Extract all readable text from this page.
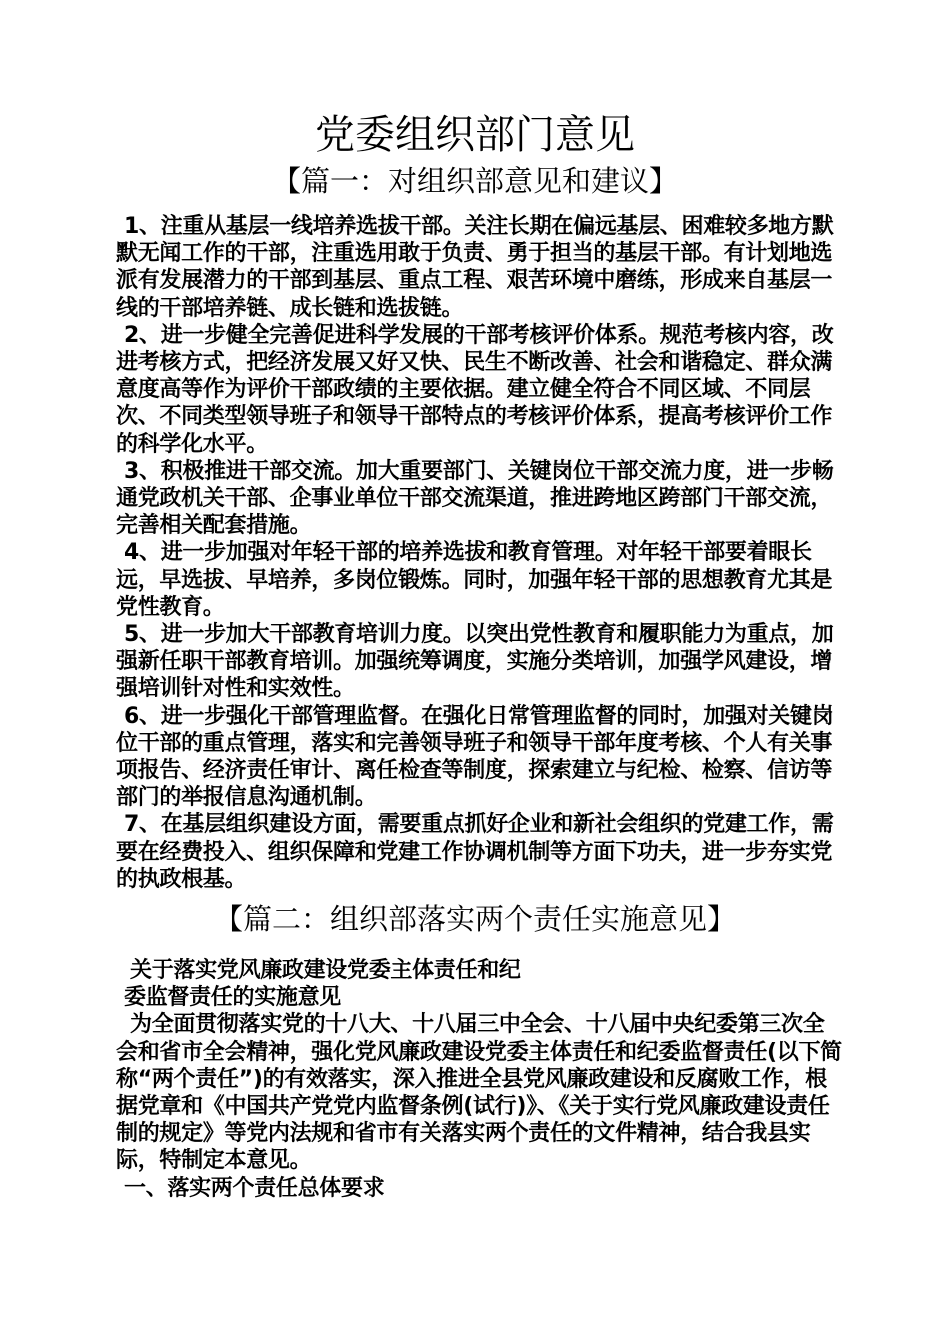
党委组织部门意见
【篇一：对组织部意见和建议】

1、注重从基层一线培养选拔干部。关注长期在偏远基层、困难较多地方默默无闻工作的干部，注重选用敢于负责、勇于担当的基层干部。有计划地选派有发展潜力的干部到基层、重点工程、艰苦环境中磨练，形成来自基层一线的干部培养链、成长链和选拔链。

2、进一步健全完善促进科学发展的干部考核评价体系。规范考核内容，改进考核方式，把经济发展又好又快、民生不断改善、社会和谐稳定、群众满意度高等作为评价干部政绩的主要依据。建立健全符合不同区域、不同层次、不同类型领导班子和领导干部特点的考核评价体系，提高考核评价工作的科学化水平。

3、积极推进干部交流。加大重要部门、关键岗位干部交流力度，进一步畅通党政机关干部、企事业单位干部交流渠道，推进跨地区跨部门干部交流，完善相关配套措施。

4、进一步加强对年轻干部的培养选拔和教育管理。对年轻干部要着眼长远，早选拔、早培养，多岗位锻炼。同时，加强年轻干部的思想教育尤其是党性教育。

5、进一步加大干部教育培训力度。以突出党性教育和履职能力为重点，加强新任职干部教育培训。加强统筹调度，实施分类培训，加强学风建设，增强培训针对性和实效性。

6、进一步强化干部管理监督。在强化日常管理监督的同时，加强对关键岗位干部的重点管理，落实和完善领导班子和领导干部年度考核、个人有关事项报告、经济责任审计、离任检查等制度，探索建立与纪检、检察、信访等部门的举报信息沟通机制。

7、在基层组织建设方面，需要重点抓好企业和新社会组织的党建工作，需要在经费投入、组织保障和党建工作协调机制等方面下功夫，进一步夯实党的执政根基。

【篇二：组织部落实两个责任实施意见】

关于落实党风廉政建设党委主体责任和纪

委监督责任的实施意见

为全面贯彻落实党的十八大、十八届三中全会、十八届中央纪委第三次全会和省市全会精神，强化党风廉政建设党委主体责任和纪委监督责任(以下简称“两个责任”)的有效落实，深入推进全县党风廉政建设和反腐败工作，根据党章和《中国共产党党内监督条例(试行)》、《关于实行党风廉政建设责任制的规定》等党内法规和省市有关落实两个责任的文件精神，结合我县实际，特制定本意见。

一、落实两个责任总体要求
